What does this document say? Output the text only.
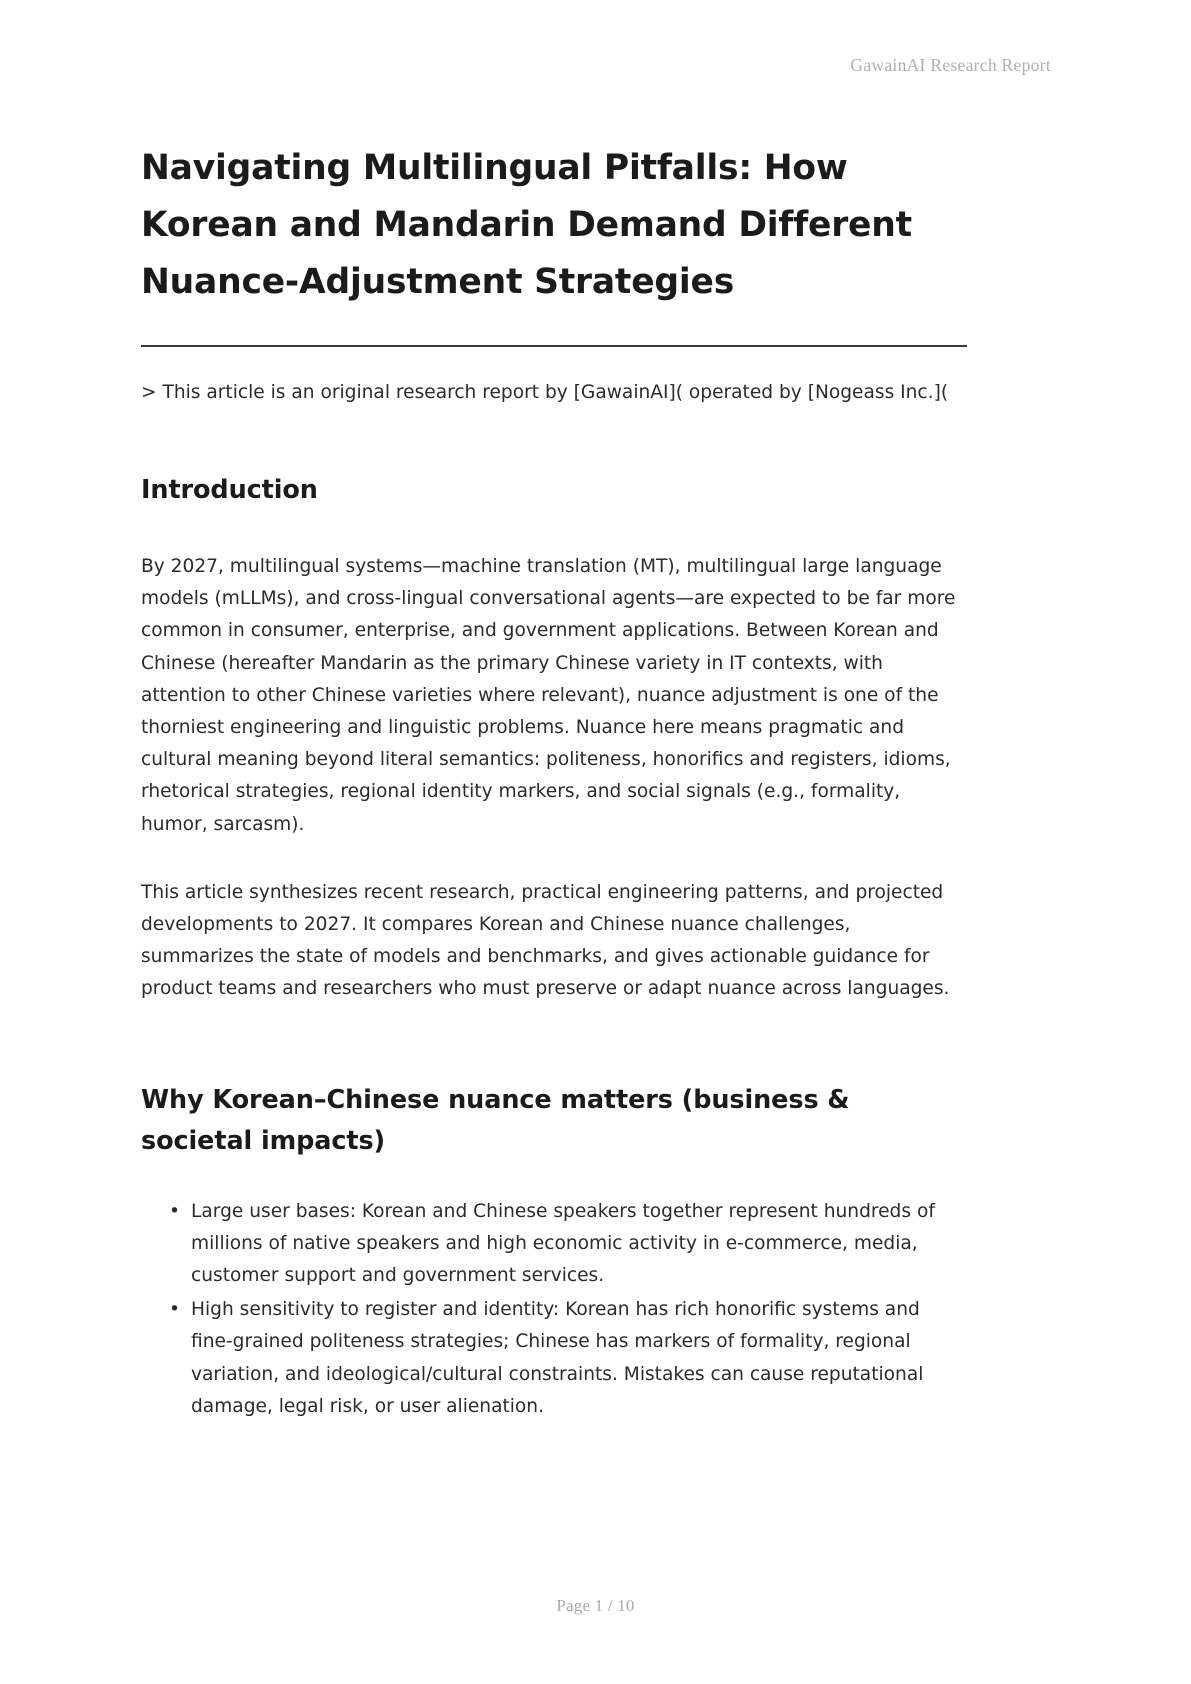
GawainAI Research Report
Navigating Multilingual Pitfalls: How Korean and Mandarin Demand Different Nuance-Adjustment Strategies

> This article is an original research report by [GawainAI]( operated by [Nogeass Inc.](

Introduction

By 2027, multilingual systems—machine translation (MT), multilingual large language models (mLLMs), and cross-lingual conversational agents—are expected to be far more common in consumer, enterprise, and government applications. Between Korean and Chinese (hereafter Mandarin as the primary Chinese variety in IT contexts, with attention to other Chinese varieties where relevant), nuance adjustment is one of the thorniest engineering and linguistic problems. Nuance here means pragmatic and cultural meaning beyond literal semantics: politeness, honorifics and registers, idioms, rhetorical strategies, regional identity markers, and social signals (e.g., formality, humor, sarcasm).

This article synthesizes recent research, practical engineering patterns, and projected developments to 2027. It compares Korean and Chinese nuance challenges, summarizes the state of models and benchmarks, and gives actionable guidance for product teams and researchers who must preserve or adapt nuance across languages.

Why Korean–Chinese nuance matters (business & societal impacts)
• Large user bases: Korean and Chinese speakers together represent hundreds of millions of native speakers and high economic activity in e-commerce, media, customer support and government services.
• High sensitivity to register and identity: Korean has rich honorific systems and fine-grained politeness strategies; Chinese has markers of formality, regional variation, and ideological/cultural constraints. Mistakes can cause reputational damage, legal risk, or user alienation.
Page 1 / 10
